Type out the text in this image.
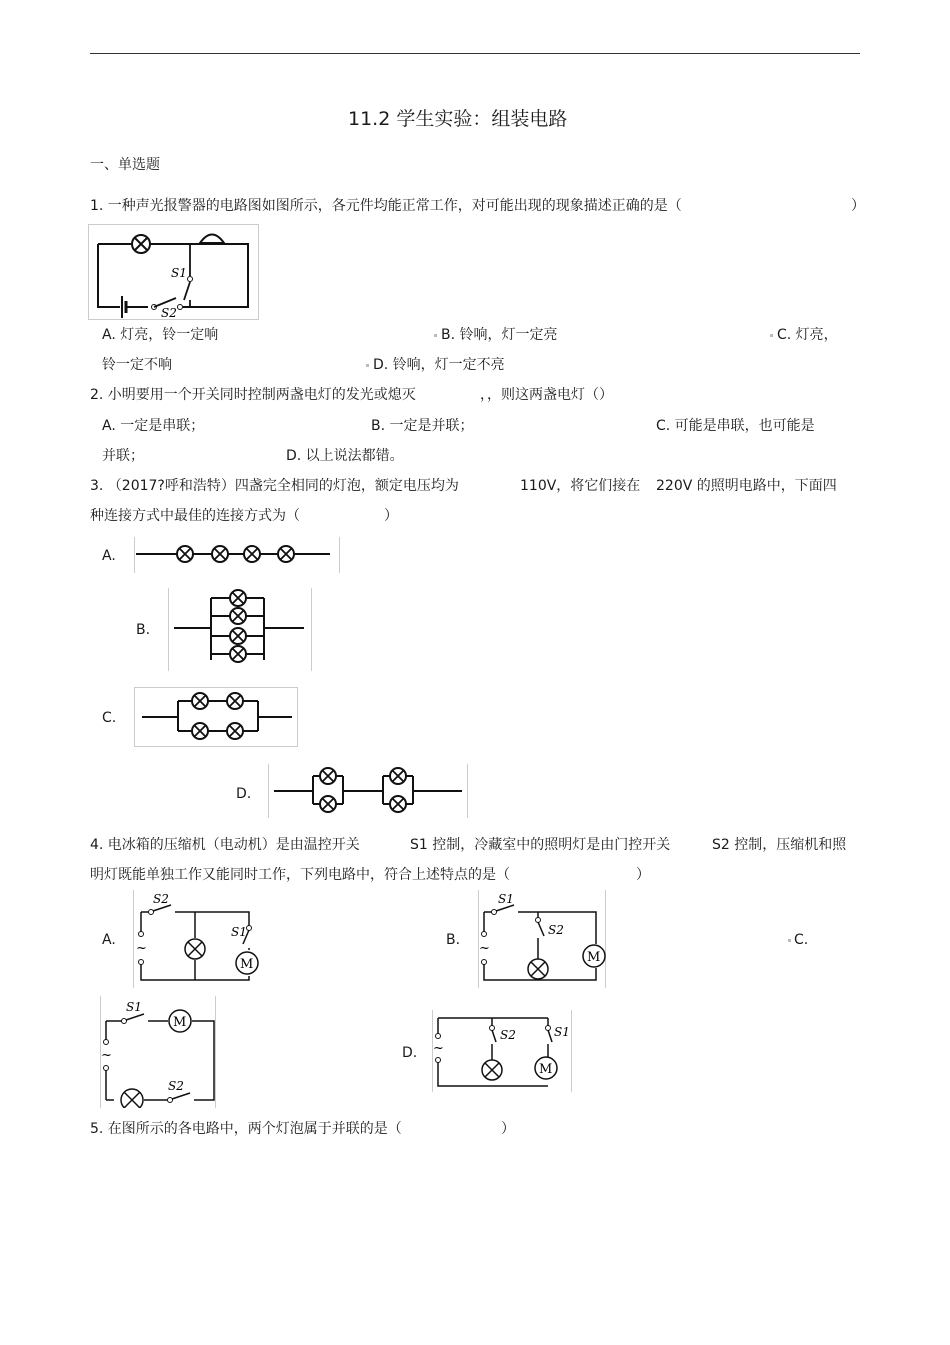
11.2 学生实验：组装电路
一、单选题
1. 一种声光报警器的电路图如图所示，各元件均能正常工作，对可能出现的现象描述正确的是（	）
S1
S2
A. 灯亮，铃一定响	B. 铃响，灯一定亮	C. 灯亮，
铃一定不响	D. 铃响，灯一定不亮
2. 小明要用一个开关同时控制两盏电灯的发光或熄灭	，，则这两盏电灯（）
A. 一定是串联；	B. 一定是并联；	C. 可能是串联，也可能是
并联；	D. 以上说法都错。
3. （2017?呼和浩特）四盏完全相同的灯泡，额定电压均为	110V，将它们接在 220V 的照明电路中，下面四
种连接方式中最佳的连接方式为（	）
A.
B.
C.
D.
4. 电冰箱的压缩机（电动机）是由温控开关	S1 控制，冷藏室中的照明灯是由门控开关	S2 控制，压缩机和照
明灯既能单独工作又能同时工作，下列电路中，符合上述特点的是（	）
A.
~
S2
S1
M
B.
~
S1
S2
M
C.
~
S1
M
S2
D. ~
S2	S1
M
5. 在图所示的各电路中，两个灯泡属于并联的是（	）
